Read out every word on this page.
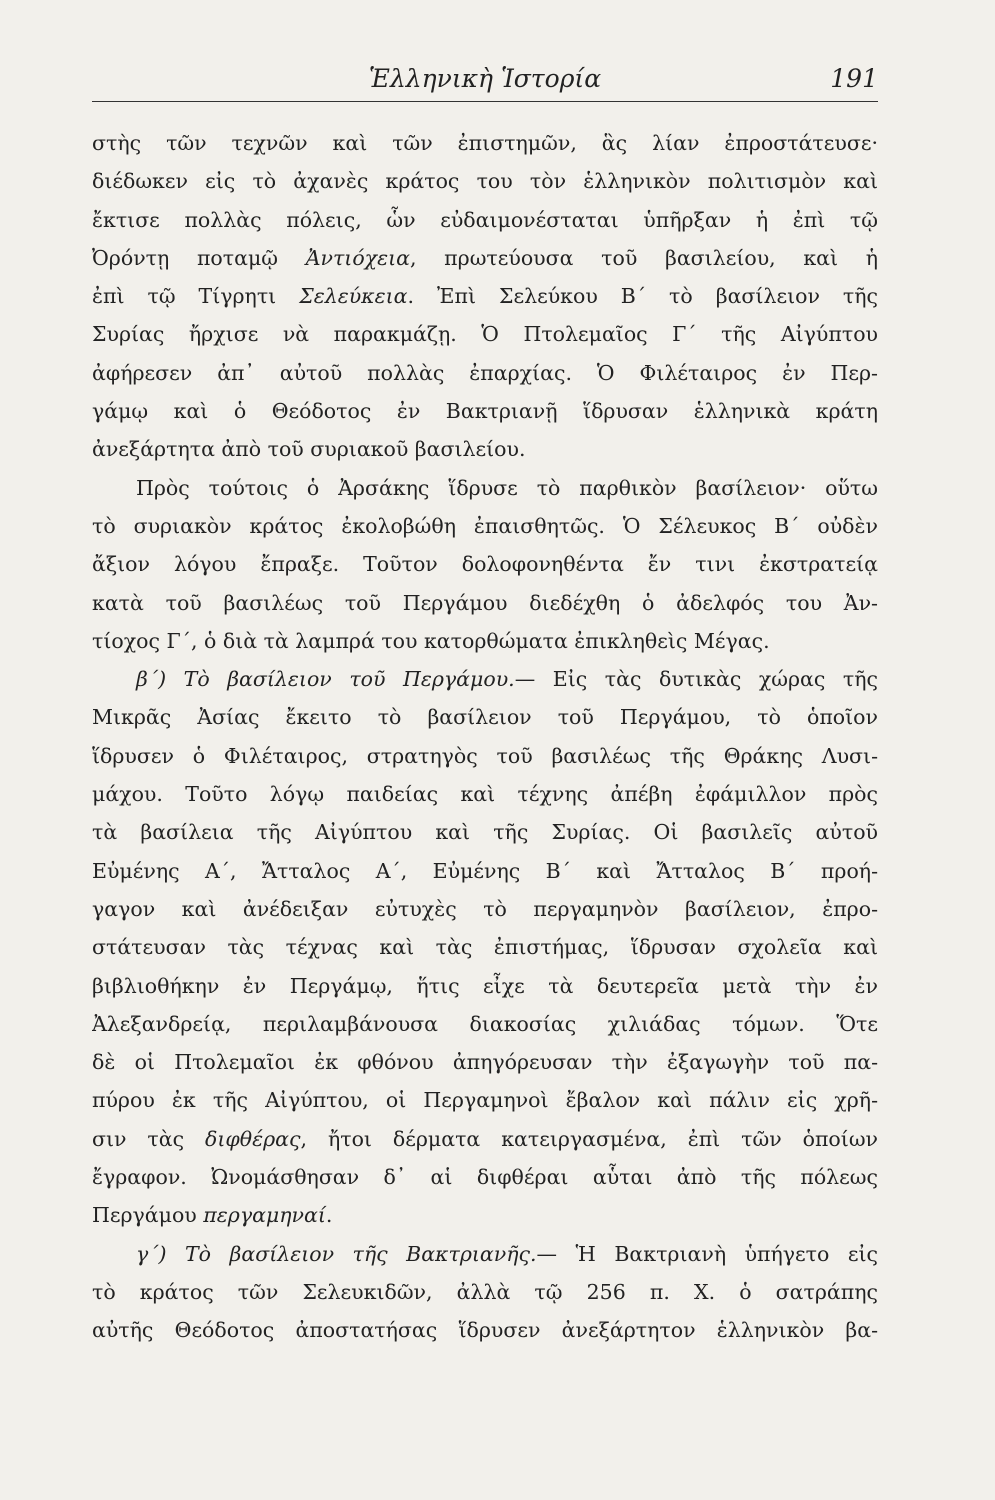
Ἑλληνικὴ Ἱστορία	191
στὴς τῶν τεχνῶν καὶ τῶν ἐπιστημῶν, ἃς λίαν ἐπροστάτευσε·
διέδωκεν εἰς τὸ ἀχανὲς κράτος του τὸν ἑλληνικὸν πολιτισμὸν καὶ
ἔκτισε πολλὰς πόλεις, ὧν εὐδαιμονέσταται ὑπῆρξαν ἡ ἐπὶ τῷ
Ὀρόντῃ ποταμῷ Ἀντιόχεια, πρωτεύουσα τοῦ βασιλείου, καὶ ἡ
ἐπὶ τῷ Τίγρητι Σελεύκεια. Ἐπὶ Σελεύκου Β΄ τὸ βασίλειον τῆς
Συρίας ἤρχισε νὰ παρακμάζῃ. Ὁ Πτολεμαῖος Γ΄ τῆς Αἰγύπτου
ἀφήρεσεν ἀπ᾽ αὐτοῦ πολλὰς ἐπαρχίας. Ὁ Φιλέταιρος ἐν Περ-
γάμῳ καὶ ὁ Θεόδοτος ἐν Βακτριανῇ ἵδρυσαν ἑλληνικὰ κράτη
ἀνεξάρτητα ἀπὸ τοῦ συριακοῦ βασιλείου.
Πρὸς τούτοις ὁ Ἀρσάκης ἵδρυσε τὸ παρθικὸν βασίλειον· οὕτω
τὸ συριακὸν κράτος ἐκολοβώθη ἐπαισθητῶς. Ὁ Σέλευκος Β΄ οὐδὲν
ἄξιον λόγου ἔπραξε. Τοῦτον δολοφονηθέντα ἔν τινι ἐκστρατείᾳ
κατὰ τοῦ βασιλέως τοῦ Περγάμου διεδέχθη ὁ ἀδελφός του Ἀν-
τίοχος Γ΄, ὁ διὰ τὰ λαμπρά του κατορθώματα ἐπικληθεὶς Μέγας.
β΄) Τὸ βασίλειον τοῦ Περγάμου.— Εἰς τὰς δυτικὰς χώρας τῆς
Μικρᾶς Ἀσίας ἔκειτο τὸ βασίλειον τοῦ Περγάμου, τὸ ὁποῖον
ἵδρυσεν ὁ Φιλέταιρος, στρατηγὸς τοῦ βασιλέως τῆς Θράκης Λυσι-
μάχου. Τοῦτο λόγῳ παιδείας καὶ τέχνης ἀπέβη ἐφάμιλλον πρὸς
τὰ βασίλεια τῆς Αἰγύπτου καὶ τῆς Συρίας. Οἱ βασιλεῖς αὐτοῦ
Εὐμένης Α΄, Ἄτταλος Α΄, Εὐμένης Β΄ καὶ Ἄτταλος Β΄ προή-
γαγον καὶ ἀνέδειξαν εὐτυχὲς τὸ περγαμηνὸν βασίλειον, ἐπρο-
στάτευσαν τὰς τέχνας καὶ τὰς ἐπιστήμας, ἵδρυσαν σχολεῖα καὶ
βιβλιοθήκην ἐν Περγάμῳ, ἥτις εἶχε τὰ δευτερεῖα μετὰ τὴν ἐν
Ἀλεξανδρείᾳ, περιλαμβάνουσα διακοσίας χιλιάδας τόμων. Ὅτε
δὲ οἱ Πτολεμαῖοι ἐκ φθόνου ἀπηγόρευσαν τὴν ἐξαγωγὴν τοῦ πα-
πύρου ἐκ τῆς Αἰγύπτου, οἱ Περγαμηνοὶ ἔβαλον καὶ πάλιν εἰς χρῆ-
σιν τὰς διφθέρας, ἤτοι δέρματα κατειργασμένα, ἐπὶ τῶν ὁποίων
ἔγραφον. Ὠνομάσθησαν δ᾽ αἱ διφθέραι αὗται ἀπὸ τῆς πόλεως
Περγάμου περγαμηναί.
γ΄) Τὸ βασίλειον τῆς Βακτριανῆς.— Ἡ Βακτριανὴ ὑπήγετο εἰς
τὸ κράτος τῶν Σελευκιδῶν, ἀλλὰ τῷ 256 π. Χ. ὁ σατράπης
αὐτῆς Θεόδοτος ἀποστατήσας ἵδρυσεν ἀνεξάρτητον ἑλληνικὸν βα-
